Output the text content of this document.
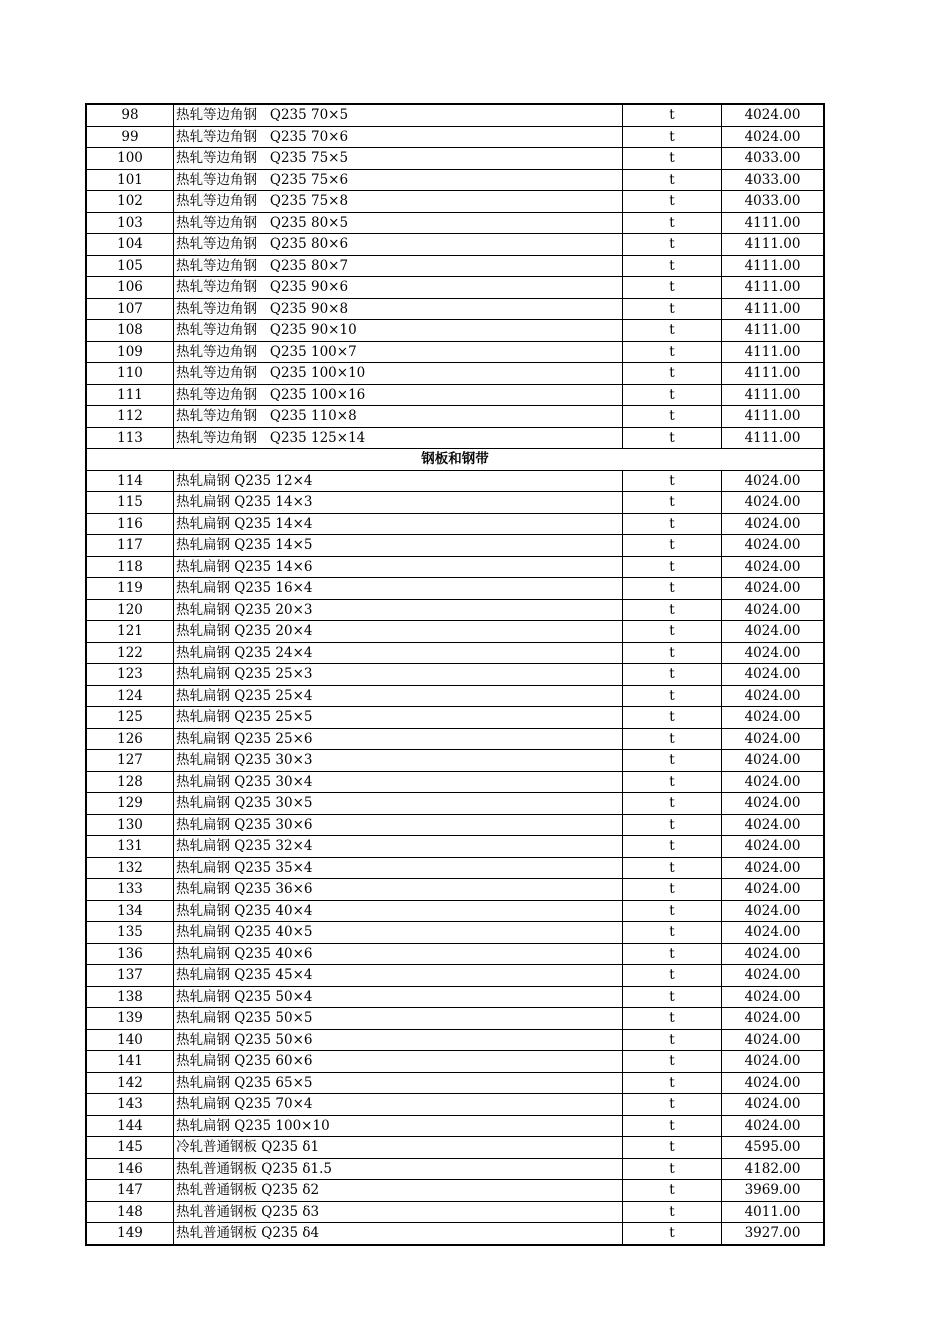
98	热轧等边角钢   Q235 70×5	t	4024.00
99	热轧等边角钢   Q235 70×6	t	4024.00
100	热轧等边角钢   Q235 75×5	t	4033.00
101	热轧等边角钢   Q235 75×6	t	4033.00
102	热轧等边角钢   Q235 75×8	t	4033.00
103	热轧等边角钢   Q235 80×5	t	4111.00
104	热轧等边角钢   Q235 80×6	t	4111.00
105	热轧等边角钢   Q235 80×7	t	4111.00
106	热轧等边角钢   Q235 90×6	t	4111.00
107	热轧等边角钢   Q235 90×8	t	4111.00
108	热轧等边角钢   Q235 90×10	t	4111.00
109	热轧等边角钢   Q235 100×7	t	4111.00
110	热轧等边角钢   Q235 100×10	t	4111.00
111	热轧等边角钢   Q235 100×16	t	4111.00
112	热轧等边角钢   Q235 110×8	t	4111.00
113	热轧等边角钢   Q235 125×14	t	4111.00
钢板和钢带			
114	热轧扁钢 Q235 12×4	t	4024.00
115	热轧扁钢 Q235 14×3	t	4024.00
116	热轧扁钢 Q235 14×4	t	4024.00
117	热轧扁钢 Q235 14×5	t	4024.00
118	热轧扁钢 Q235 14×6	t	4024.00
119	热轧扁钢 Q235 16×4	t	4024.00
120	热轧扁钢 Q235 20×3	t	4024.00
121	热轧扁钢 Q235 20×4	t	4024.00
122	热轧扁钢 Q235 24×4	t	4024.00
123	热轧扁钢 Q235 25×3	t	4024.00
124	热轧扁钢 Q235 25×4	t	4024.00
125	热轧扁钢 Q235 25×5	t	4024.00
126	热轧扁钢 Q235 25×6	t	4024.00
127	热轧扁钢 Q235 30×3	t	4024.00
128	热轧扁钢 Q235 30×4	t	4024.00
129	热轧扁钢 Q235 30×5	t	4024.00
130	热轧扁钢 Q235 30×6	t	4024.00
131	热轧扁钢 Q235 32×4	t	4024.00
132	热轧扁钢 Q235 35×4	t	4024.00
133	热轧扁钢 Q235 36×6	t	4024.00
134	热轧扁钢 Q235 40×4	t	4024.00
135	热轧扁钢 Q235 40×5	t	4024.00
136	热轧扁钢 Q235 40×6	t	4024.00
137	热轧扁钢 Q235 45×4	t	4024.00
138	热轧扁钢 Q235 50×4	t	4024.00
139	热轧扁钢 Q235 50×5	t	4024.00
140	热轧扁钢 Q235 50×6	t	4024.00
141	热轧扁钢 Q235 60×6	t	4024.00
142	热轧扁钢 Q235 65×5	t	4024.00
143	热轧扁钢 Q235 70×4	t	4024.00
144	热轧扁钢 Q235 100×10	t	4024.00
145	冷轧普通钢板 Q235 δ1	t	4595.00
146	热轧普通钢板 Q235 δ1.5	t	4182.00
147	热轧普通钢板 Q235 δ2	t	3969.00
148	热轧普通钢板 Q235 δ3	t	4011.00
149	热轧普通钢板 Q235 δ4	t	3927.00
